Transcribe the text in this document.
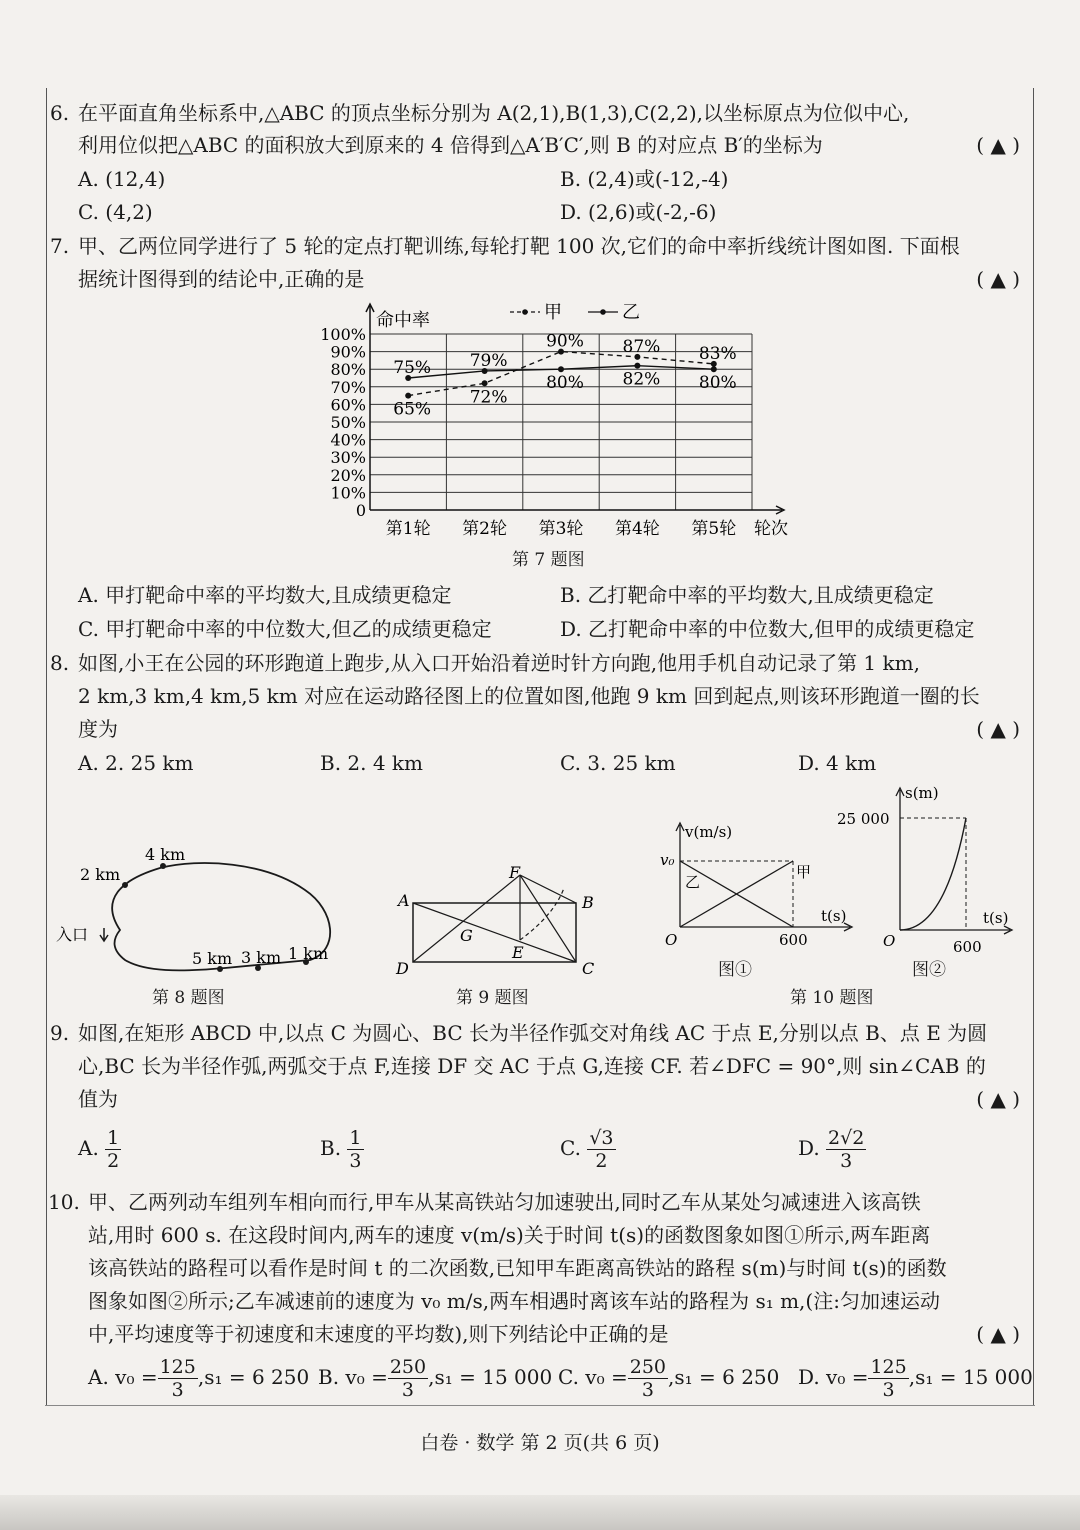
6. 在平面直角坐标系中,△ABC 的顶点坐标分别为 A(2,1),B(1,3),C(2,2),以坐标原点为位似中心,
利用位似把△ABC 的面积放大到原来的 4 倍得到△A′B′C′,则 B 的对应点 B′的坐标为	( ▲ )
A. (12,4)	B. (2,4)或(-12,-4)
C. (4,2)	D. (2,6)或(-2,-6)
7. 甲、乙两位同学进行了 5 轮的定点打靶训练,每轮打靶 100 次,它们的命中率折线统计图如图. 下面根
据统计图得到的结论中,正确的是	( ▲ )
0
10%
20%
30%
40%
50%
60%
70%
80%
90%
100%
命中率
轮次
第1轮 第2轮 第3轮 第4轮 第5轮
甲	乙
65%
72%
90% 87% 83%
75% 79%
80% 82% 80%
第 7 题图
A. 甲打靶命中率的平均数大,且成绩更稳定	B. 乙打靶命中率的平均数大,且成绩更稳定
C. 甲打靶命中率的中位数大,但乙的成绩更稳定	D. 乙打靶命中率的中位数大,但甲的成绩更稳定
8. 如图,小王在公园的环形跑道上跑步,从入口开始沿着逆时针方向跑,他用手机自动记录了第 1 km,
2 km,3 km,4 km,5 km 对应在运动路径图上的位置如图,他跑 9 km 回到起点,则该环形跑道一圈的长
度为	( ▲ )
A. 2. 25 km	B. 2. 4 km	C. 3. 25 km	D. 4 km
2 km
4 km
5 km 3 km 1 km
入口
第 8 题图
A	B
C
D
E
F
G
第 9 题图
v(m/s)
t(s)
O	600
v₀
甲
乙
图①
s(m)
25 000
t(s)
O	600
图②
第 10 题图
9. 如图,在矩形 ABCD 中,以点 C 为圆心、BC 长为半径作弧交对角线 AC 于点 E,分别以点 B、点 E 为圆
心,BC 长为半径作弧,两弧交于点 F,连接 DF 交 AC 于点 G,连接 CF. 若∠DFC = 90°,则 sin∠CAB 的
值为	( ▲ )
A. $\frac{1}{2}$	B. $\frac{1}{3}$	C. $\frac{√3}{2}$	D. $\frac{2√2}{3}$
10. 甲、乙两列动车组列车相向而行,甲车从某高铁站匀加速驶出,同时乙车从某处匀减速进入该高铁
站,用时 600 s. 在这段时间内,两车的速度 v(m/s)关于时间 t(s)的函数图象如图①所示,两车距离
该高铁站的路程可以看作是时间 t 的二次函数,已知甲车距离高铁站的路程 s(m)与时间 t(s)的函数
图象如图②所示;乙车减速前的速度为 v₀ m/s,两车相遇时离该车站的路程为 s₁ m,(注:匀加速运动
中,平均速度等于初速度和末速度的平均数),则下列结论中正确的是	( ▲ )
A. $v_0 = \frac{125}{3} ,s_1 = 6$ 250 B. $v_0 = \frac{250}{3} ,s_1 = 15$ 000 C. $v_0 = \frac{250}{3} ,s_1 = 6$ 250 D. $v_0 = \frac{125}{3} ,s_1 = 15$ 000
白卷 · 数学 第 2 页(共 6 页)
